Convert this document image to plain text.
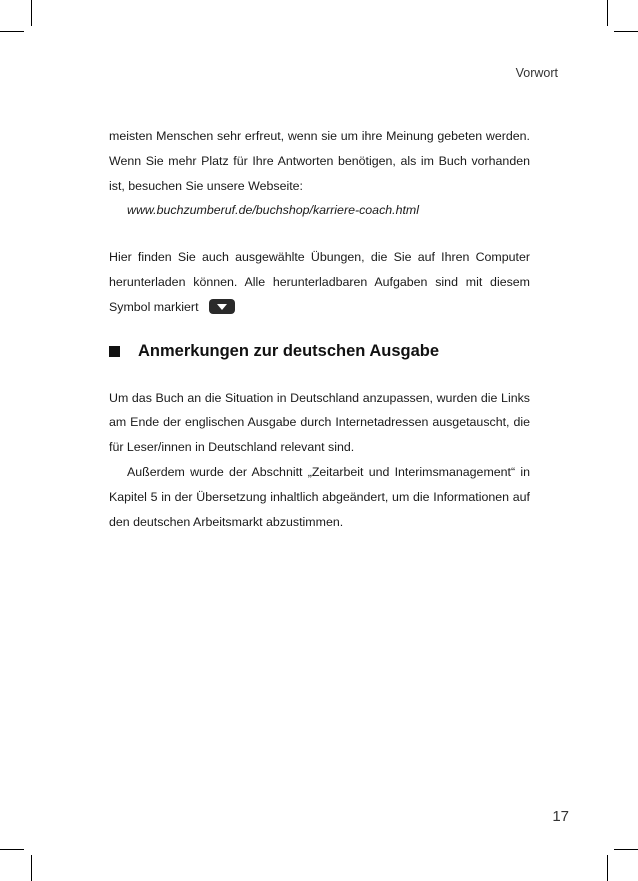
Vorwort

meisten Menschen sehr erfreut, wenn sie um ihre Meinung gebeten werden. Wenn Sie mehr Platz für Ihre Antworten benötigen, als im Buch vorhanden ist, besuchen Sie unsere Webseite:

www.buchzumberuf.de/buchshop/karriere-coach.html

Hier finden Sie auch ausgewählte Übungen, die Sie auf Ihren Computer herunterladen können. Alle herunterladbaren Aufgaben sind mit diesem Symbol markiert

Anmerkungen zur deutschen Ausgabe

Um das Buch an die Situation in Deutschland anzupassen, wurden die Links am Ende der englischen Ausgabe durch Internetadressen ausgetauscht, die für Leser/innen in Deutschland relevant sind.

Außerdem wurde der Abschnitt „Zeitarbeit und Interimsmanagement“ in Kapitel 5 in der Übersetzung inhaltlich abgeändert, um die Informationen auf den deutschen Arbeitsmarkt abzustimmen.

17
